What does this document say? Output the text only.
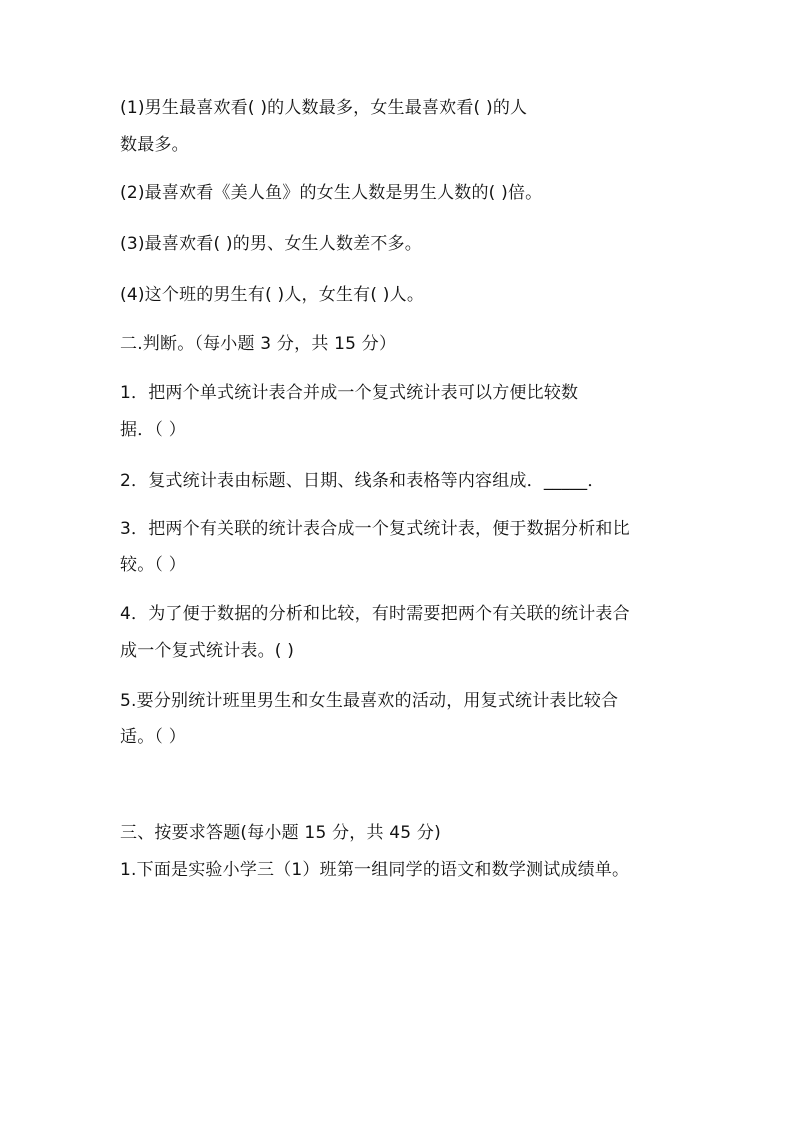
(1)男生最喜欢看( )的人数最多，女生最喜欢看( )的人
数最多。
(2)最喜欢看《美人鱼》的女生人数是男生人数的( )倍。
(3)最喜欢看( )的男、女生人数差不多。
(4)这个班的男生有( )人，女生有( )人。
二.判断。（每小题 3 分，共 15 分）
1．把两个单式统计表合并成一个复式统计表可以方便比较数
据．（ ）
2．复式统计表由标题、日期、线条和表格等内容组成．_____．
3．把两个有关联的统计表合成一个复式统计表，便于数据分析和比
较。（ ）
4．为了便于数据的分析和比较，有时需要把两个有关联的统计表合
成一个复式统计表。( )
5.要分别统计班里男生和女生最喜欢的活动，用复式统计表比较合
适。（ ）
三、按要求答题(每小题 15 分，共 45 分)
1.下面是实验小学三（1）班第一组同学的语文和数学测试成绩单。
